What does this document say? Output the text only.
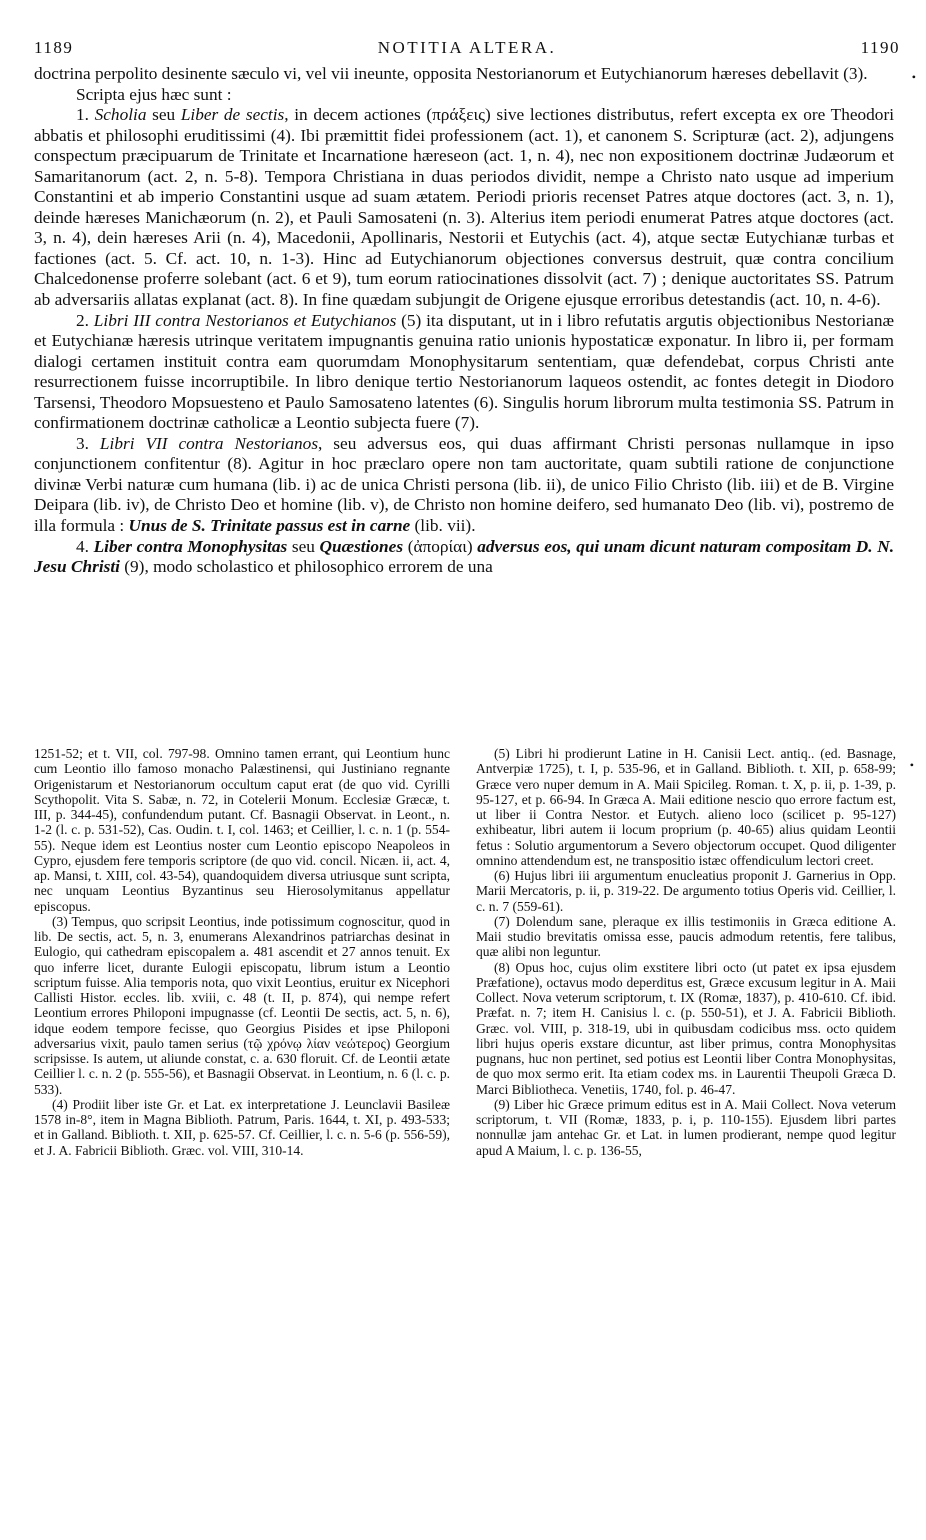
1189	NOTITIA ALTERA.	1190
•

doctrina perpolito desinente sæculo vi, vel vii ineunte, opposita Nestorianorum et Eutychianorum hæreses debellavit (3).

Scripta ejus hæc sunt :

1. Scholia seu Liber de sectis, in decem actiones (πράξεις) sive lectiones distributus, refert excepta ex ore Theodori abbatis et philosophi eruditissimi (4). Ibi præmittit fidei professionem (act. 1), et canonem S. Scripturæ (act. 2), adjungens conspectum præcipuarum de Trinitate et Incarnatione hæreseon (act. 1, n. 4), nec non expositionem doctrinæ Judæorum et Samaritanorum (act. 2, n. 5-8). Tempora Christiana in duas periodos dividit, nempe a Christo nato usque ad imperium Constantini et ab imperio Constantini usque ad suam ætatem. Periodi prioris recenset Patres atque doctores (act. 3, n. 1), deinde hæreses Manichæorum (n. 2), et Pauli Samosateni (n. 3). Alterius item periodi enumerat Patres atque doctores (act. 3, n. 4), dein hæreses Arii (n. 4), Macedonii, Apollinaris, Nestorii et Eutychis (act. 4), atque sectæ Eutychianæ turbas et factiones (act. 5. Cf. act. 10, n. 1-3). Hinc ad Eutychianorum objectiones conversus destruit, quæ contra concilium Chalcedonense proferre solebant (act. 6 et 9), tum eorum ratiocinationes dissolvit (act. 7) ; denique auctoritates SS. Patrum ab adversariis allatas explanat (act. 8). In fine quædam subjungit de Origene ejusque erroribus detestandis (act. 10, n. 4-6).

2. Libri III contra Nestorianos et Eutychianos (5) ita disputant, ut in i libro refutatis argutis objectionibus Nestorianæ et Eutychianæ hæresis utrinque veritatem impugnantis genuina ratio unionis hypostaticæ exponatur. In libro ii, per formam dialogi certamen instituit contra eam quorumdam Monophysitarum sententiam, quæ defendebat, corpus Christi ante resurrectionem fuisse incorruptibile. In libro denique tertio Nestorianorum laqueos ostendit, ac fontes detegit in Diodoro Tarsensi, Theodoro Mopsuesteno et Paulo Samosateno latentes (6). Singulis horum librorum multa testimonia SS. Patrum in confirmationem doctrinæ catholicæ a Leontio subjecta fuere (7).

3. Libri VII contra Nestorianos, seu adversus eos, qui duas affirmant Christi personas nullamque in ipso conjunctionem confitentur (8). Agitur in hoc præclaro opere non tam auctoritate, quam subtili ratione de conjunctione divinæ Verbi naturæ cum humana (lib. i) ac de unica Christi persona (lib. ii), de unico Filio Christo (lib. iii) et de B. Virgine Deipara (lib. iv), de Christo Deo et homine (lib. v), de Christo non homine deifero, sed humanato Deo (lib. vi), postremo de illa formula : Unus de S. Trinitate passus est in carne (lib. vii).

4. Liber contra Monophysitas seu Quæstiones (ἀπορίαι) adversus eos, qui unam dicunt naturam compositam D. N. Jesu Christi (9), modo scholastico et philosophico errorem de una

•

1251-52; et t. VII, col. 797-98. Omnino tamen errant, qui Leontium hunc cum Leontio illo famoso monacho Palæstinensi, qui Justiniano regnante Origenistarum et Nestorianorum occultum caput erat (de quo vid. Cyrilli Scythopolit. Vita S. Sabæ, n. 72, in Cotelerii Monum. Ecclesiæ Græcæ, t. III, p. 344-45), confundendum putant. Cf. Basnagii Observat. in Leont., n. 1-2 (l. c. p. 531-52), Cas. Oudin. t. I, col. 1463; et Ceillier, l. c. n. 1 (p. 554-55). Neque idem est Leontius noster cum Leontio episcopo Neapoleos in Cypro, ejusdem fere temporis scriptore (de quo vid. concil. Nicæn. ii, act. 4, ap. Mansi, t. XIII, col. 43-54), quandoquidem diversa utriusque sunt scripta, nec unquam Leontius Byzantinus seu Hierosolymitanus appellatur episcopus.

(3) Tempus, quo scripsit Leontius, inde potissimum cognoscitur, quod in lib. De sectis, act. 5, n. 3, enumerans Alexandrinos patriarchas desinat in Eulogio, qui cathedram episcopalem a. 481 ascendit et 27 annos tenuit. Ex quo inferre licet, durante Eulogii episcopatu, librum istum a Leontio scriptum fuisse. Alia temporis nota, quo vixit Leontius, eruitur ex Nicephori Callisti Histor. eccles. lib. xviii, c. 48 (t. II, p. 874), qui nempe refert Leontium errores Philoponi impugnasse (cf. Leontii De sectis, act. 5, n. 6), idque eodem tempore fecisse, quo Georgius Pisides et ipse Philoponi adversarius vixit, paulo tamen serius (τῷ χρόνῳ λίαν νεώτερος) Georgium scripsisse. Is autem, ut aliunde constat, c. a. 630 floruit. Cf. de Leontii ætate Ceillier l. c. n. 2 (p. 555-56), et Basnagii Observat. in Leontium, n. 6 (l. c. p. 533).

(4) Prodiit liber iste Gr. et Lat. ex interpretatione J. Leunclavii Basileæ 1578 in-8°, item in Magna Biblioth. Patrum, Paris. 1644, t. XI, p. 493-533; et in Galland. Biblioth. t. XII, p. 625-57. Cf. Ceillier, l. c. n. 5-6 (p. 556-59), et J. A. Fabricii Biblioth. Græc. vol. VIII, 310-14.

(5) Libri hi prodierunt Latine in H. Canisii Lect. antiq.. (ed. Basnage, Antverpiæ 1725), t. I, p. 535-96, et in Galland. Biblioth. t. XII, p. 658-99; Græce vero nuper demum in A. Maii Spicileg. Roman. t. X, p. ii, p. 1-39, p. 95-127, et p. 66-94. In Græca A. Maii editione nescio quo errore factum est, ut liber ii Contra Nestor. et Eutych. alieno loco (scilicet p. 95-127) exhibeatur, libri autem ii locum proprium (p. 40-65) alius quidam Leontii fetus : Solutio argumentorum a Severo objectorum occupet. Quod diligenter omnino attendendum est, ne transpositio istæc offendiculum lectori creet.

(6) Hujus libri iii argumentum enucleatius proponit J. Garnerius in Opp. Marii Mercatoris, p. ii, p. 319-22. De argumento totius Operis vid. Ceillier, l. c. n. 7 (559-61).

(7) Dolendum sane, pleraque ex illis testimoniis in Græca editione A. Maii studio brevitatis omissa esse, paucis admodum retentis, fere talibus, quæ alibi non leguntur.

(8) Opus hoc, cujus olim exstitere libri octo (ut patet ex ipsa ejusdem Præfatione), octavus modo deperditus est, Græce excusum legitur in A. Maii Collect. Nova veterum scriptorum, t. IX (Romæ, 1837), p. 410-610. Cf. ibid. Præfat. n. 7; item H. Canisius l. c. (p. 550-51), et J. A. Fabricii Biblioth. Græc. vol. VIII, p. 318-19, ubi in quibusdam codicibus mss. octo quidem libri hujus operis exstare dicuntur, ast liber primus, contra Monophysitas pugnans, huc non pertinet, sed potius est Leontii liber Contra Monophysitas, de quo mox sermo erit. Ita etiam codex ms. in Laurentii Theupoli Græca D. Marci Bibliotheca. Venetiis, 1740, fol. p. 46-47.

(9) Liber hic Græce primum editus est in A. Maii Collect. Nova veterum scriptorum, t. VII (Romæ, 1833, p. i, p. 110-155). Ejusdem libri partes nonnullæ jam antehac Gr. et Lat. in lumen prodierant, nempe quod legitur apud A Maium, l. c. p. 136-55,
